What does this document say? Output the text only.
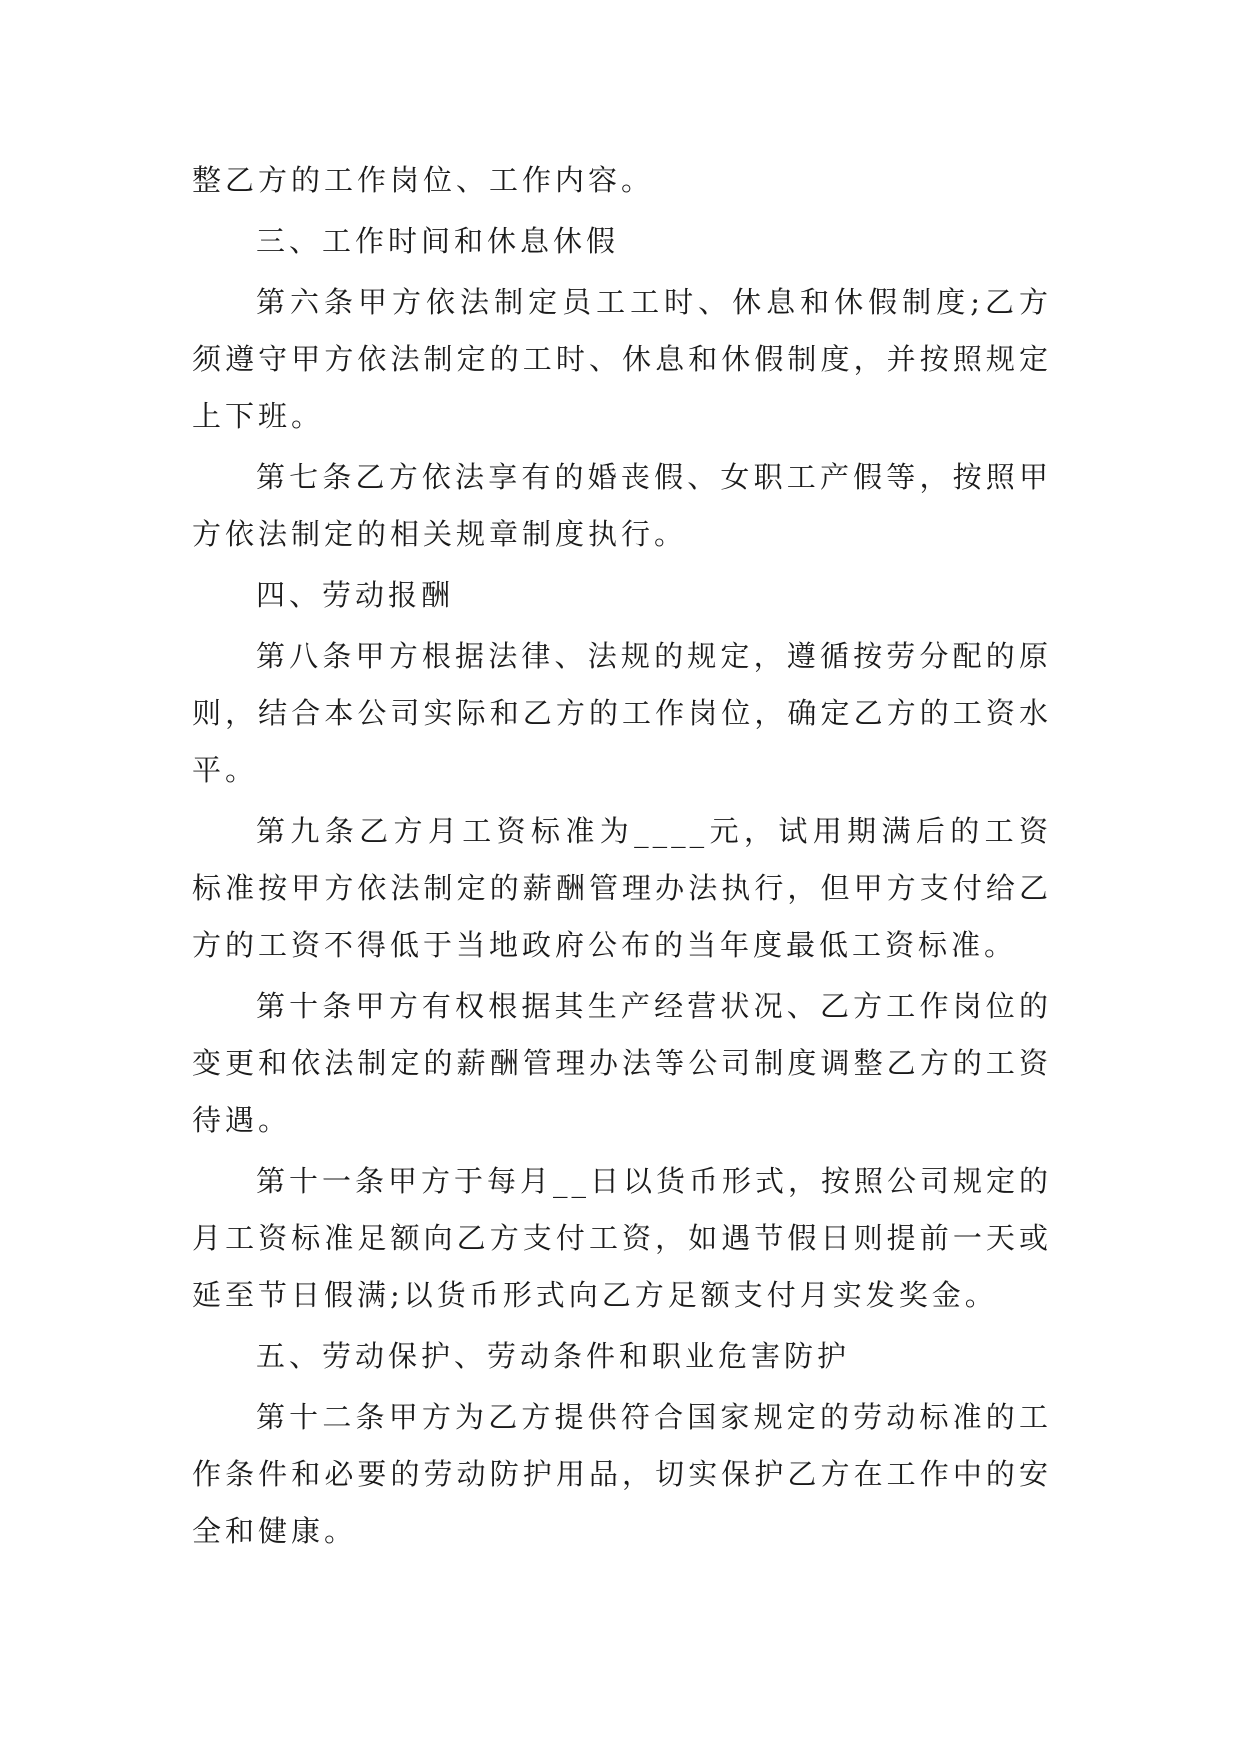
整乙方的工作岗位、工作内容。

三、工作时间和休息休假

第六条甲方依法制定员工工时、休息和休假制度;乙方须遵守甲方依法制定的工时、休息和休假制度，并按照规定上下班。

第七条乙方依法享有的婚丧假、女职工产假等，按照甲方依法制定的相关规章制度执行。

四、劳动报酬

第八条甲方根据法律、法规的规定，遵循按劳分配的原则，结合本公司实际和乙方的工作岗位，确定乙方的工资水平。

第九条乙方月工资标准为____元，试用期满后的工资标准按甲方依法制定的薪酬管理办法执行，但甲方支付给乙方的工资不得低于当地政府公布的当年度最低工资标准。

第十条甲方有权根据其生产经营状况、乙方工作岗位的变更和依法制定的薪酬管理办法等公司制度调整乙方的工资待遇。

第十一条甲方于每月__日以货币形式，按照公司规定的月工资标准足额向乙方支付工资，如遇节假日则提前一天或延至节日假满;以货币形式向乙方足额支付月实发奖金。

五、劳动保护、劳动条件和职业危害防护

第十二条甲方为乙方提供符合国家规定的劳动标准的工作条件和必要的劳动防护用品，切实保护乙方在工作中的安全和健康。
